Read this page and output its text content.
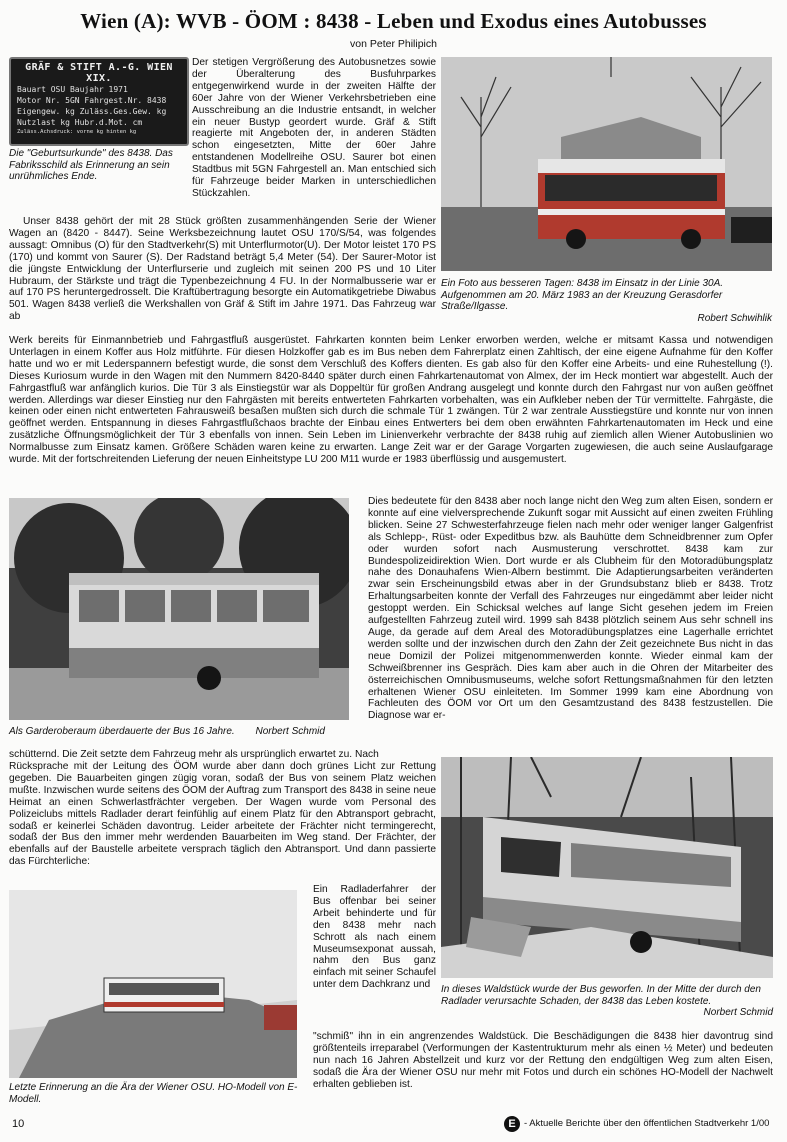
Wien (A): WVB - ÖOM : 8438 - Leben und Exodus eines Autobusses
von Peter Philipich
GRÄF & STIFT A.-G. WIEN XIX.
Bauart OSU Baujahr 1971
Motor Nr. 5GN Fahrgest.Nr. 8438
Eigengew. kg Zuläss.Ges.Gew. kg
Nutzlast kg Hubr.d.Mot. cm
Zuläss.Achsdruck: vorne kg hinten kg

Die "Geburtsurkunde" des 8438. Das Fabriksschild als Erinnerung an sein unrühmliches Ende.

Der stetigen Vergrößerung des Autobusnetzes sowie der Überalterung des Busfuhrparkes entgegenwirkend wurde in der zweiten Hälfte der 60er Jahre von der Wiener Verkehrsbetrieben eine Ausschreibung an die Industrie entsandt, in welcher ein neuer Bustyp geordert wurde. Gräf & Stift reagierte mit Angeboten der, in anderen Städten schon eingesetzten, Mitte der 60er Jahre entstandenen Modellreihe OSU. Saurer bot einen Stadtbus mit 5GN Fahrgestell an. Man entschied sich für Fahrzeuge beider Marken in unterschiedlichen Stückzahlen.

Ein Foto aus besseren Tagen: 8438 im Einsatz in der Linie 30A. Aufgenommen am 20. März 1983 an der Kreuzung Gerasdorfer Straße/Ilgasse.
Robert Schwihlik

Unser 8438 gehört der mit 28 Stück größten zusammenhängenden Serie der Wiener Wagen an (8420 - 8447). Seine Werksbezeichnung lautet OSU 170/S/54, was folgendes aussagt: Omnibus (O) für den Stadtverkehr(S) mit Unterflurmotor(U). Der Motor leistet 170 PS (170) und kommt von Saurer (S). Der Radstand beträgt 5,4 Meter (54). Der Saurer-Motor ist die jüngste Entwicklung der Unterflurserie und zugleich mit seinen 200 PS und 10 Liter Hubraum, der Stärkste und trägt die Typenbezeichnung 4 FU. In der Normalbusserie war er auf 170 PS heruntergedrosselt. Die Kraftübertragung besorgte ein Automatikgetriebe Diwabus 501. Wagen 8438 verließ die Werkshallen von Gräf & Stift im Jahre 1971. Das Fahrzeug war ab

Werk bereits für Einmannbetrieb und Fahrgastfluß ausgerüstet. Fahrkarten konnten beim Lenker erworben werden, welche er mitsamt Kassa und notwendigen Unterlagen in einem Koffer aus Holz mitführte. Für diesen Holzkoffer gab es im Bus neben dem Fahrerplatz einen Zahltisch, der eine eigene Aufnahme für den Koffer hatte und wo er mit Lederspannern befestigt wurde, die sonst dem Verschluß des Koffers dienten. Es gab also für den Koffer eine Arbeits- und eine Ruhestellung (!). Dieses Kuriosum wurde in den Wagen mit den Nummern 8420-8440 später durch einen Fahrkartenautomat von Almex, der im Heck montiert war abgestellt. Auch der Fahrgastfluß war anfänglich kurios. Die Tür 3 als Einstiegstür war als Doppeltür für großen Andrang ausgelegt und konnte durch den Fahrgast nur von außen geöffnet werden. Allerdings war dieser Einstieg nur den Fahrgästen mit bereits entwerteten Fahrkarten vorbehalten, was ein Aufkleber neben der Tür vermittelte. Fahrgäste, die keinen oder einen nicht entwerteten Fahrausweiß besaßen mußten sich durch die schmale Tür 1 zwängen. Tür 2 war zentrale Ausstiegstüre und konnte nur von innen geöffnet werden. Entspannung in dieses Fahrgastflußchaos brachte der Einbau eines Entwerters bei dem oben erwähnten Fahrkartenautomaten im Heck und eine zusätzliche Öffnungsmöglichkeit der Tür 3 ebenfalls von innen. Sein Leben im Linienverkehr verbrachte der 8438 ruhig auf ziemlich allen Wiener Autobuslinien wo Normalbusse zum Einsatz kamen. Größere Schäden waren keine zu erwarten. Lange Zeit war er der Garage Vorgarten zugewiesen, die auch seine Auslaufgarage wurde. Mit der fortschreitenden Lieferung der neuen Einheitstype LU 200 M11 wurde er 1983 überflüssig und ausgemustert.

Als Garderoberaum überdauerte der Bus 16 Jahre. Norbert Schmid

Dies bedeutete für den 8438 aber noch lange nicht den Weg zum alten Eisen, sondern er konnte auf eine vielversprechende Zukunft sogar mit Aussicht auf einen zweiten Frühling blicken. Seine 27 Schwesterfahrzeuge fielen nach mehr oder weniger langer Galgenfrist als Schlepp-, Rüst- oder Expeditbus bzw. als Bauhütte dem Schneidbrenner zum Opfer oder wurden sofort nach Ausmusterung verschrottet. 8438 kam zur Bundespolizeidirektion Wien. Dort wurde er als Clubheim für den Motoradübungsplatz nahe des Donauhafens Wien-Albern bestimmt. Die Adaptierungsarbeiten veränderten zwar sein Erscheinungsbild etwas aber in der Grundsubstanz blieb er 8438. Trotz Erhaltungsarbeiten konnte der Verfall des Fahrzeuges nur eingedämmt aber leider nicht gestoppt werden. Ein Schicksal welches auf lange Sicht gesehen jedem im Freien aufgestellten Fahrzeug zuteil wird. 1999 sah 8438 plötzlich seinem Aus sehr schnell ins Auge, da gerade auf dem Areal des Motoradübungsplatzes eine Lagerhalle errichtet werden sollte und der inzwischen durch den Zahn der Zeit gezeichnete Bus nicht in das neue Domizil der Polizei mitgenommenwerden konnte. Wieder einmal kam der Schweißbrenner ins Gespräch. Dies kam aber auch in die Ohren der Mitarbeiter des österreichischen Omnibusmuseums, welche sofort Rettungsmaßnahmen für den letzten erhaltenen Wiener OSU einleiteten. Im Sommer 1999 kam eine Abordnung von Fachleuten des ÖOM vor Ort um den Gesamtzustand des 8438 festzustellen. Die Diagnose war er-

schütternd. Die Zeit setzte dem Fahrzeug mehr als ursprünglich erwartet zu. Nach

Rücksprache mit der Leitung des ÖOM wurde aber dann doch grünes Licht zur Rettung gegeben. Die Bauarbeiten gingen zügig voran, sodaß der Bus von seinem Platz weichen mußte. Inzwischen wurde seitens des ÖOM der Auftrag zum Transport des 8438 in seine neue Heimat an einen Schwerlastfrächter vergeben. Der Wagen wurde vom Personal des Polizeiclubs mittels Radlader derart feinfühlig auf einem Platz für den Abtransport gebracht, sodaß er keinerlei Schäden davontrug. Leider arbeitete der Frächter nicht termingerecht, sodaß der Bus den immer mehr werdenden Bauarbeiten im Weg stand. Der Frächter, der ebenfalls auf der Baustelle arbeitete versprach täglich den Abtransport. Und dann passierte das Fürchterliche:

In dieses Waldstück wurde der Bus geworfen. In der Mitte der durch den Radlader verursachte Schaden, der 8438 das Leben kostete.
Norbert Schmid

Letzte Erinnerung an die Ära der Wiener OSU. HO-Modell von E-Modell.

Ein Radladerfahrer der Bus offenbar bei seiner Arbeit behinderte und für den 8438 mehr nach Schrott als nach einem Museumsexponat aussah, nahm den Bus ganz einfach mit seiner Schaufel unter dem Dachkranz und

"schmiß" ihn in ein angrenzendes Waldstück. Die Beschädigungen die 8438 hier davontrug sind größtenteils irreparabel (Verformungen der Kastentrukturum mehr als einen ½ Meter) und bedeuten nun nach 16 Jahren Abstellzeit und kurz vor der Rettung den endgültigen Weg zum alten Eisen, sodaß die Ära der Wiener OSU nur mehr mit Fotos und durch ein schönes HO-Modell der Nachwelt erhalten geblieben ist.

10	E - Aktuelle Berichte über den öffentlichen Stadtverkehr 1/00
